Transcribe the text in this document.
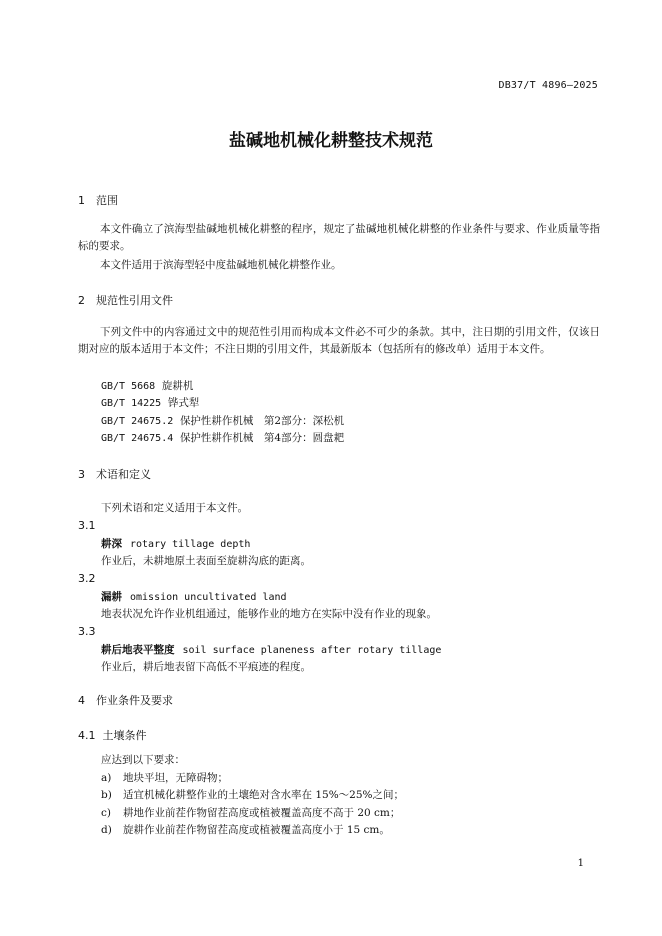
DB37/T 4896—2025
盐碱地机械化耕整技术规范
1 范围
本文件确立了滨海型盐碱地机械化耕整的程序，规定了盐碱地机械化耕整的作业条件与要求、作业质量等指标的要求。
本文件适用于滨海型轻中度盐碱地机械化耕整作业。
2 规范性引用文件
下列文件中的内容通过文中的规范性引用而构成本文件必不可少的条款。其中，注日期的引用文件，仅该日期对应的版本适用于本文件；不注日期的引用文件，其最新版本（包括所有的修改单）适用于本文件。
GB/T 5668 旋耕机
GB/T 14225 铧式犁
GB/T 24675.2 保护性耕作机械　第2部分：深松机
GB/T 24675.4 保护性耕作机械　第4部分：圆盘耙
3 术语和定义
下列术语和定义适用于本文件。
3.1
耕深 rotary tillage depth
作业后，未耕地原土表面至旋耕沟底的距离。
3.2
漏耕 omission uncultivated land
地表状况允许作业机组通过，能够作业的地方在实际中没有作业的现象。
3.3
耕后地表平整度 soil surface planeness after rotary tillage
作业后，耕后地表留下高低不平痕迹的程度。
4 作业条件及要求
4.1 土壤条件
应达到以下要求：
a) 地块平坦，无障碍物；
b) 适宜机械化耕整作业的土壤绝对含水率在 15%～25%之间；
c) 耕地作业前茬作物留茬高度或植被覆盖高度不高于 20 cm；
d) 旋耕作业前茬作物留茬高度或植被覆盖高度小于 15 cm。
1
